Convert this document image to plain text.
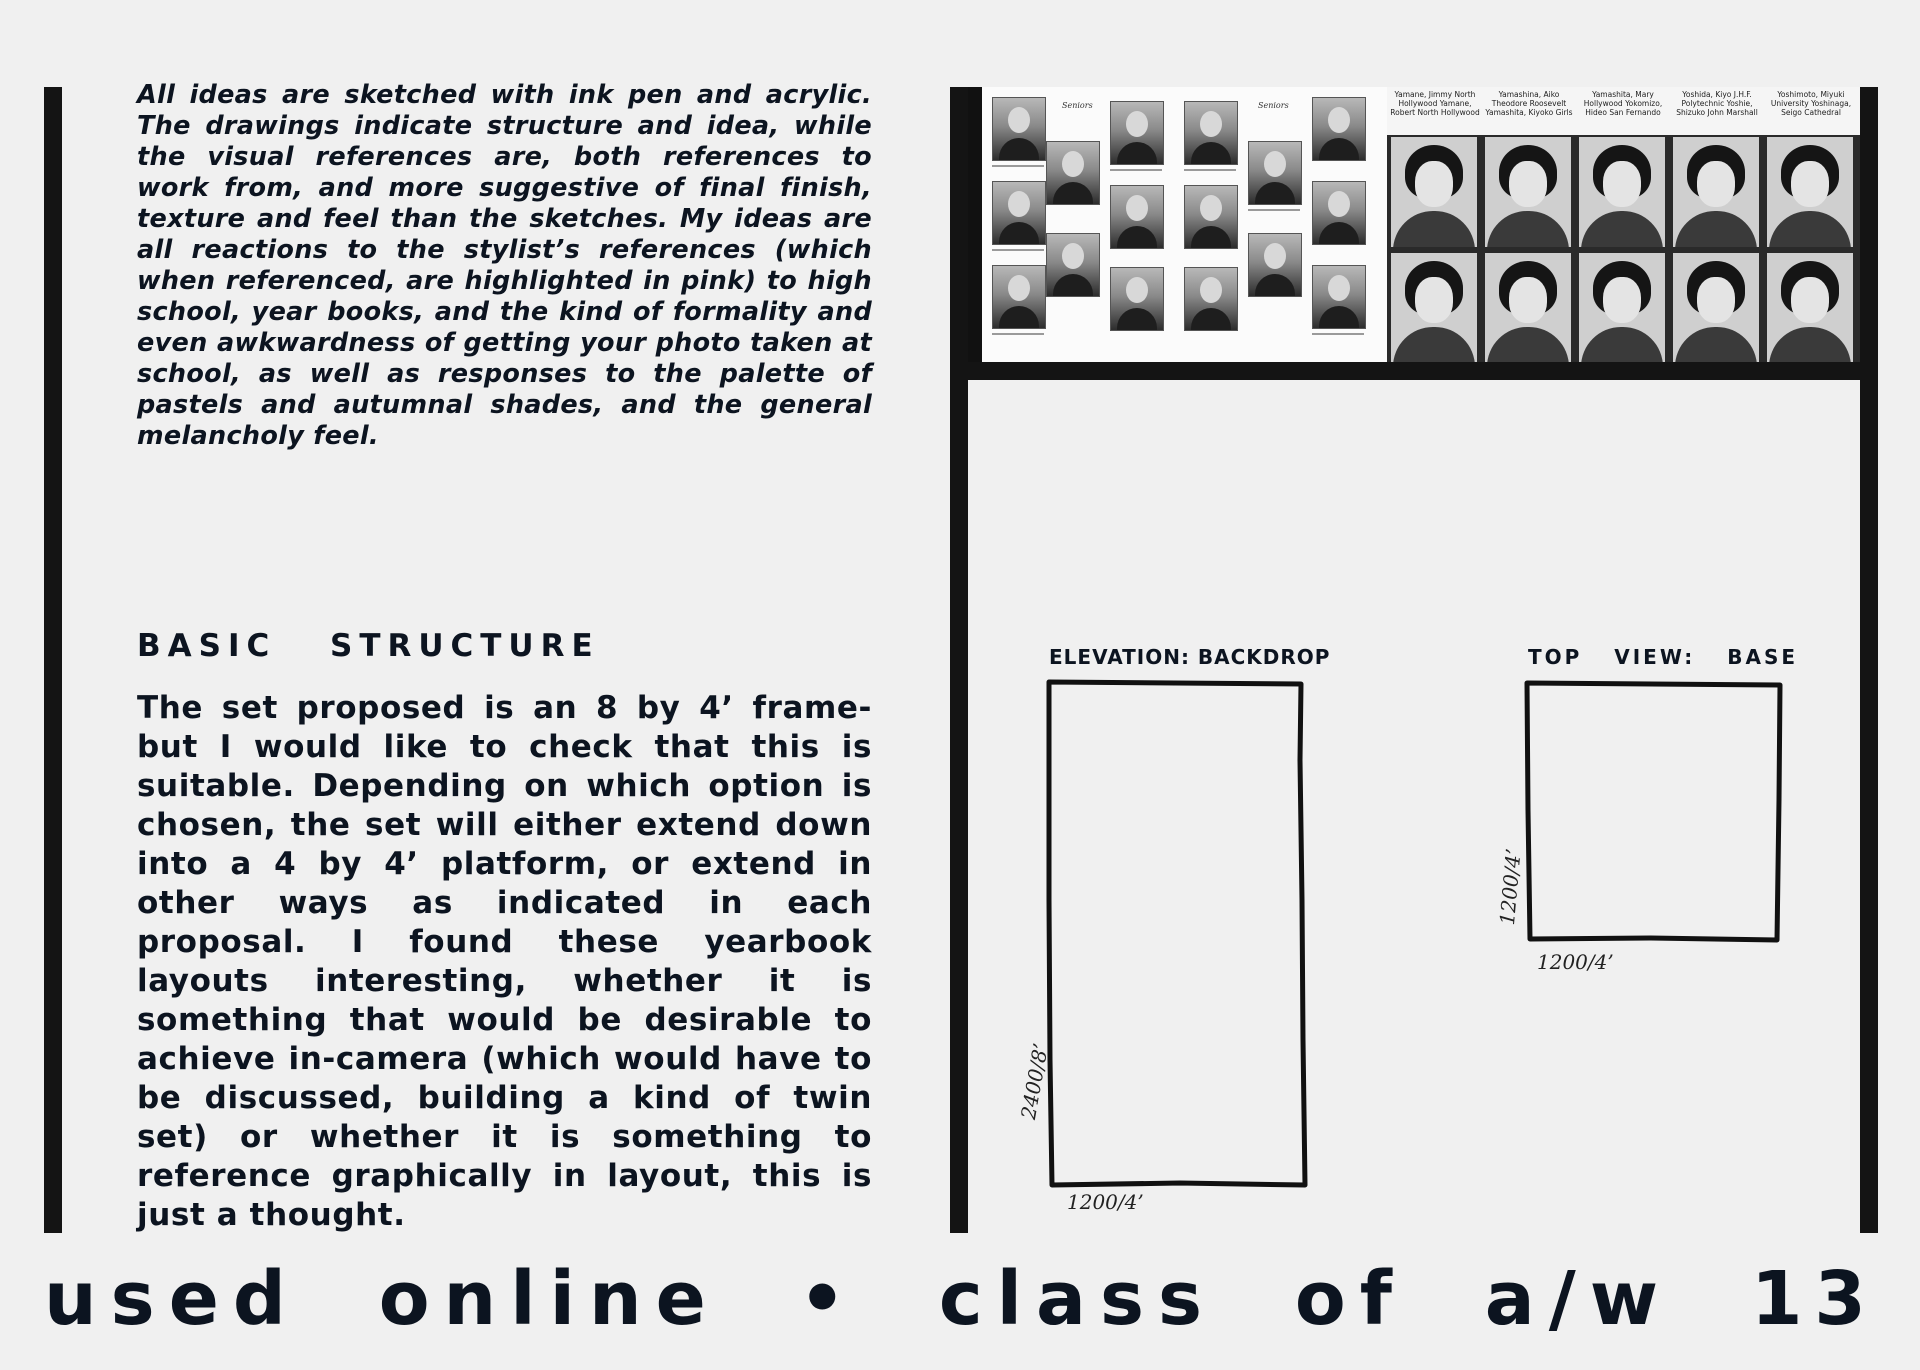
All ideas are sketched with ink pen and acrylic. The drawings indicate structure and idea, while the visual references are, both references to work from, and more suggestive of final finish, texture and feel than the sketches. My ideas are all reactions to the stylist’s references (which when referenced, are highlighted in pink) to high school, year books, and the kind of formality and even awkwardness of getting your photo taken at school, as well as responses to the palette of pastels and autumnal shades, and the general melancholy feel.

BASIC STRUCTURE

The set proposed is an 8 by 4’ frame- but I would like to check that this is suitable. Depending on which option is chosen, the set will either extend down into a 4 by 4’ platform, or extend in other ways as indicated in each proposal. I found these yearbook layouts interesting, whether it is something that would be desirable to achieve in-camera (which would have to be discussed, building a kind of twin set) or whether it is something to reference graphically in layout, this is just a thought.

Seniors	Seniors
Yamane, Jimmy North Hollywood Yamane, Robert North Hollywood
Yamashina, Aiko Theodore Roosevelt Yamashita, Kiyoko Girls
Yamashita, Mary Hollywood Yokomizo, Hideo San Fernando
Yoshida, Kiyo J.H.F. Polytechnic Yoshie, Shizuko John Marshall
Yoshimoto, Miyuki University Yoshinaga, Seigo Cathedral
ELEVATION: BACKDROP	TOP VIEW: BASE
1200/4’
2400/8’
1200/4’
1200/4’
used online • class of a/w 13
